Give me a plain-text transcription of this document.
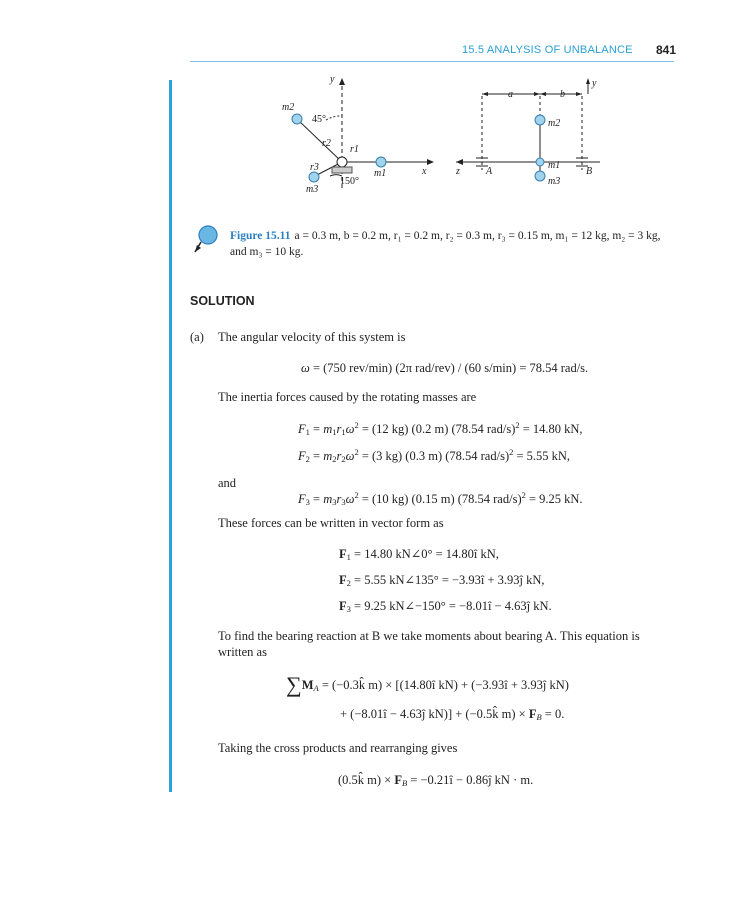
15.5 ANALYSIS OF UNBALANCE 841
y
m2
45°
r2
r1
r3
m3
m1	x
150°
a	b
y
z
m2
A
m1
m3
B
Figure 15.11 a = 0.3 m, b = 0.2 m, r₁ = 0.2 m, r₂ = 0.3 m, r₃ = 0.15 m, m₁ = 12 kg, m₂ = 3 kg, and m₃ = 10 kg.
SOLUTION
(a) The angular velocity of this system is
ω = (750 rev/min) (2π rad/rev) / (60 s/min) = 78.54 rad/s.
The inertia forces caused by the rotating masses are
$F_1 = m_1r_1\omega^2 = (12$ kg) (0.2 m) (78.54 rad/s)$^2$ = 14.80 kN,
$F_2 = m_2r_2\omega^2 = (3$ kg) (0.3 m) (78.54 rad/s)$^2$ = 5.55 kN,
and
$F_3 = m_3r_3\omega^2 = (10$ kg) (0.15 m) (78.54 rad/s)$^2$ = 9.25 kN.
These forces can be written in vector form as
$F_1 = 14.80$ kN∠0° = 14.80î kN,
$F_2 = 5.55$ kN∠135° = −3.93î + 3.93ĵ kN,
$F_3 = 9.25$ kN∠−150° = −8.01î − 4.63ĵ kN.
To find the bearing reaction at B we take moments about bearing A. This equation is
written as
$\sum M_A$ = (−0.3k̂ m) × [(14.80î kN) + (−3.93î + 3.93ĵ kN)
+ (−8.01î − 4.63ĵ kN)] + (−0.5k̂ $m) \times F_B = 0$.
Taking the cross products and rearranging gives
(0.5k̂ $m) \times F_B$ = −0.21î − 0.86ĵ kN · m.
